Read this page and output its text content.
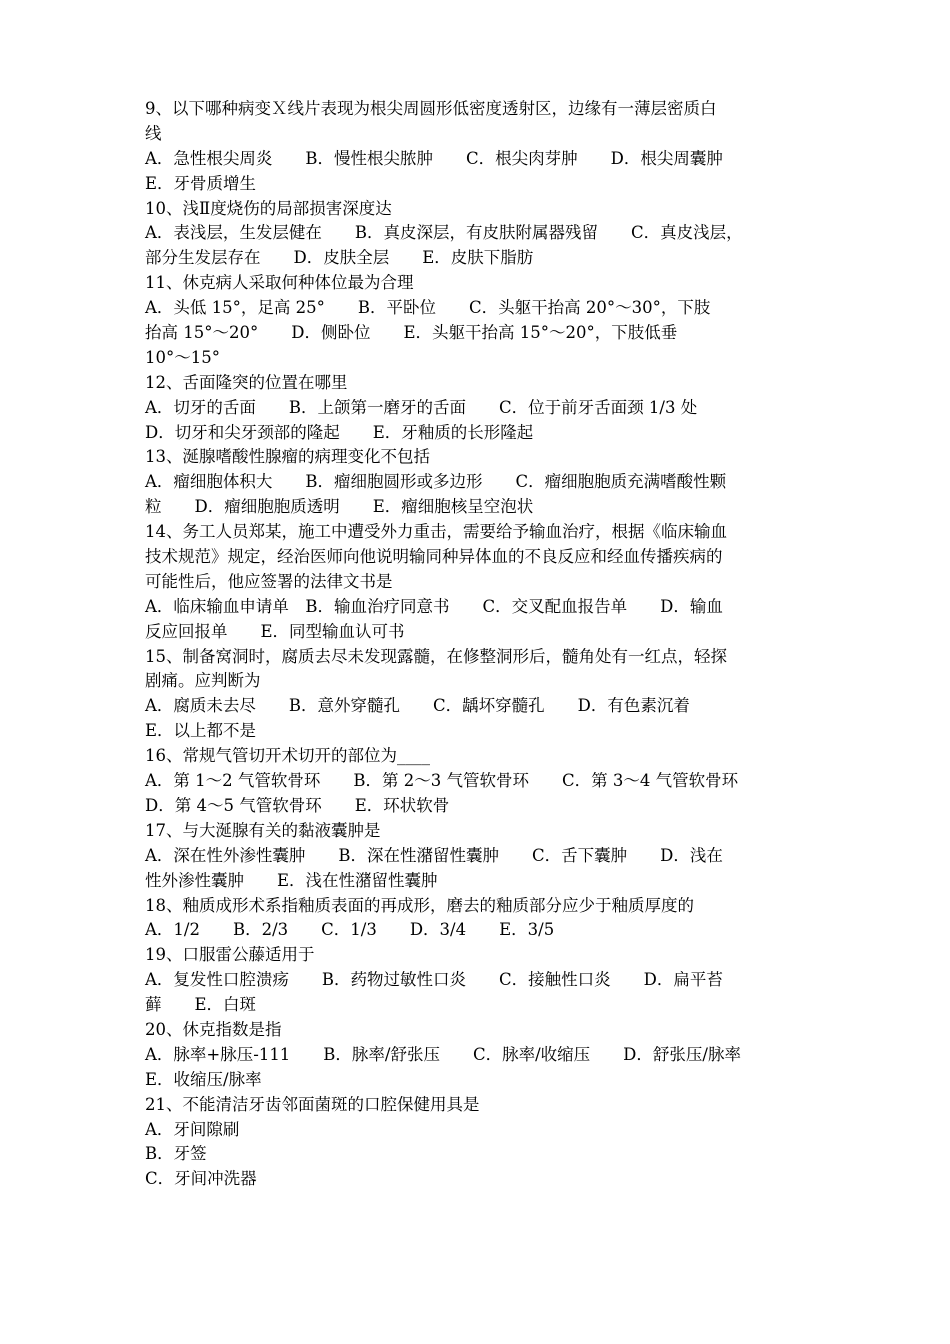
9、以下哪种病变Ｘ线片表现为根尖周圆形低密度透射区，边缘有一薄层密质白
线
A．急性根尖周炎　　B．慢性根尖脓肿　　C．根尖肉芽肿　　D．根尖周囊肿
E．牙骨质增生
10、浅Ⅱ度烧伤的局部损害深度达
A．表浅层，生发层健在　　B．真皮深层，有皮肤附属器残留　　C．真皮浅层，
部分生发层存在　　D．皮肤全层　　E．皮肤下脂肪
11、休克病人采取何种体位最为合理
A．头低 15°，足高 25°　　B．平卧位　　C．头躯干抬高 20°～30°，下肢
抬高 15°～20°　　D．侧卧位　　E．头躯干抬高 15°～20°，下肢低垂
10°～15°
12、舌面隆突的位置在哪里
A．切牙的舌面　　B．上颌第一磨牙的舌面　　C．位于前牙舌面颈 1/3 处
D．切牙和尖牙颈部的隆起　　E．牙釉质的长形隆起
13、涎腺嗜酸性腺瘤的病理变化不包括
A．瘤细胞体积大　　B．瘤细胞圆形或多边形　　C．瘤细胞胞质充满嗜酸性颗
粒　　D．瘤细胞胞质透明　　E．瘤细胞核呈空泡状
14、务工人员郑某，施工中遭受外力重击，需要给予输血治疗，根据《临床输血
技术规范》规定，经治医师向他说明输同种异体血的不良反应和经血传播疾病的
可能性后，他应签署的法律文书是
A．临床输血申请单　B．输血治疗同意书　　C．交叉配血报告单　　D．输血
反应回报单　　E．同型输血认可书
15、制备窝洞时，腐质去尽未发现露髓，在修整洞形后，髓角处有一红点，轻探
剧痛。应判断为
A．腐质未去尽　　B．意外穿髓孔　　C．龋坏穿髓孔　　D．有色素沉着
E．以上都不是
16、常规气管切开术切开的部位为____
A．第 1～2 气管软骨环　　B．第 2～3 气管软骨环　　C．第 3～4 气管软骨环
D．第 4～5 气管软骨环　　E．环状软骨
17、与大涎腺有关的黏液囊肿是
A．深在性外渗性囊肿　　B．深在性潴留性囊肿　　C．舌下囊肿　　D．浅在
性外渗性囊肿　　E．浅在性潴留性囊肿
18、釉质成形术系指釉质表面的再成形，磨去的釉质部分应少于釉质厚度的
A．1/2　　B．2/3　　C．1/3　　D．3/4　　E．3/5
19、口服雷公藤适用于
A．复发性口腔溃疡　　B．药物过敏性口炎　　C．接触性口炎　　D．扁平苔
藓　　E．白斑
20、休克指数是指
A．脉率+脉压-111　　B．脉率/舒张压　　C．脉率/收缩压　　D．舒张压/脉率
E．收缩压/脉率
21、不能清洁牙齿邻面菌斑的口腔保健用具是
A．牙间隙刷
B．牙签
C．牙间冲洗器
